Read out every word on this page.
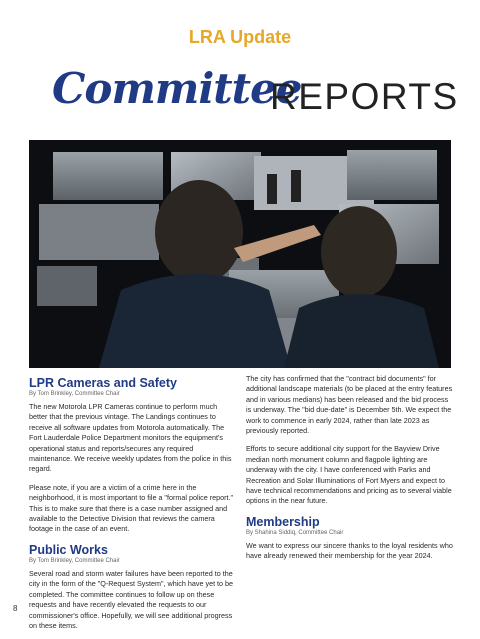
LRA Update
Committee
REPORTS
LPR Cameras and Safety
By Tom Brinkley, Committee Chair

The new Motorola LPR Cameras continue to perform much better that the previous vintage. The Landings continues to receive all software updates from Motorola automatically. The Fort Lauderdale Police Department monitors the equipment's operational status and reports/secures any required maintenance. We receive weekly updates from the police in this regard.

Please note, if you are a victim of a crime here in the neighborhood, it is most important to file a "formal police report." This is to make sure that there is a case number assigned and available to the Detective Division that reviews the camera footage in the case of an event.

Public Works
By Tom Brinkley, Committee Chair

Several road and storm water failures have been reported to the city in the form of the "Q-Request System", which have yet to be completed. The committee continues to follow up on these requests and have recently elevated the requests to our commissioner's office. Hopefully, we will see additional progress on these items.

The city has confirmed that the "contract bid documents" for additional landscape materials (to be placed at the entry features and in various medians) has been released and the bid process is underway. The "bid due-date" is December 5th. We expect the work to commence in early 2024, rather than late 2023 as previously reported.

Efforts to secure additional city support for the Bayview Drive median north monument column and flagpole lighting are underway with the city. I have conferenced with Parks and Recreation and Solar Illuminations of Fort Myers and expect to have technical recommendations and pricing as to several viable options in the near future.

Membership
By Shahina Siddiq, Committee Chair

We want to express our sincere thanks to the loyal residents who have already renewed their membership for the year 2024.

8
